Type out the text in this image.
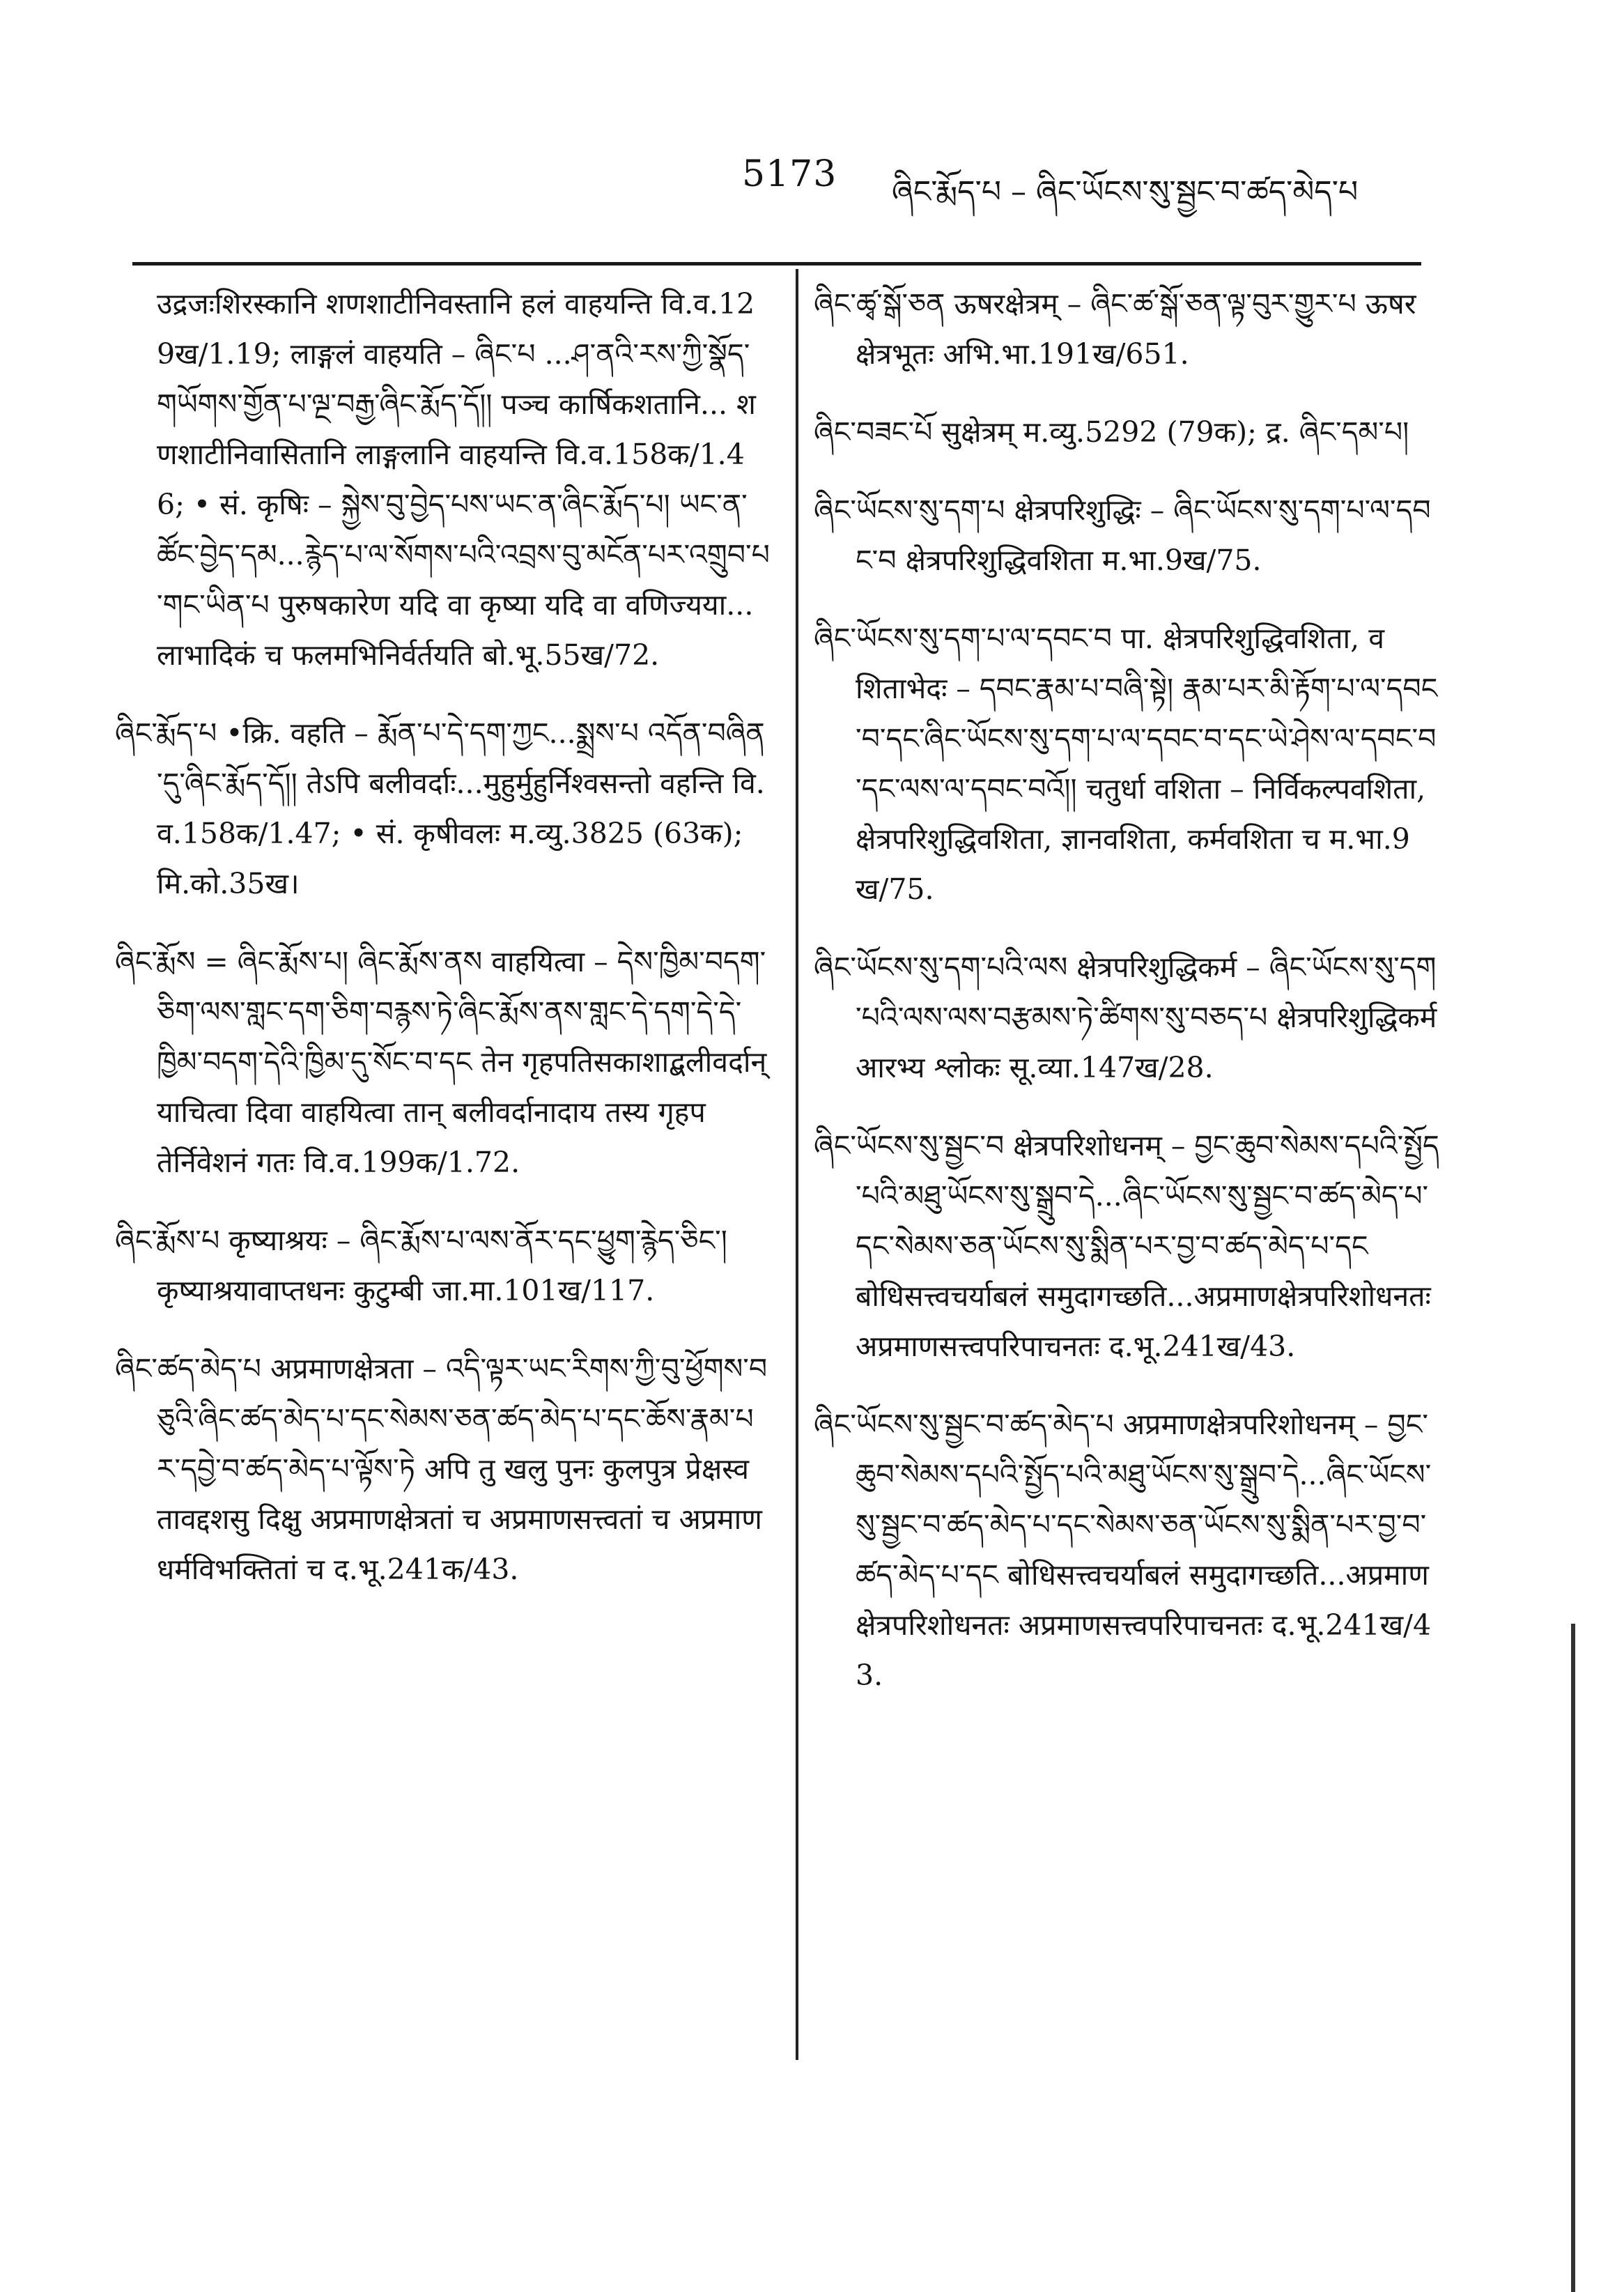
5173 ཞིང་རྨོད་པ – ཞིང་ཡོངས་སུ་སྦྱང་བ་ཚད་མེད་པ

उद्रजःशिरस्कानि शणशाटीनिवस्तानि हलं वाहयन्ति वि.व.129ख/1.19; लाङ्गलं वाहयति – ཞིང་པ ...ཤ་ནའི་རས་ཀྱི་སྣོད་གཡོགས་གྱོན་པ་ལྔ་བརྒྱ་ཞིང་རྨོད་དོ།། पञ्च कार्षिकशतानि... शणशाटीनिवासितानि लाङ्गलानि वाहयन्ति वि.व.158क/1.46; • सं. कृषिः – སྐྱེས་བུ་བྱེད་པས་ཡང་ན་ཞིང་རྨོད་པ། ཡང་ན་ཚོང་བྱེད་དམ...རྙེད་པ་ལ་སོགས་པའི་འབྲས་བུ་མངོན་པར་འགྲུབ་པ་གང་ཡིན་པ पुरुषकारेण यदि वा कृष्या यदि वा वणिज्यया...लाभादिकं च फलमभिनिर्वर्तयति बो.भू.55ख/72.

ཞིང་རྨོད་པ •क्रि. वहति – རྨོན་པ་དེ་དག་ཀྱང...སྨྲས་པ འདོན་བཞིན་དུ་ཞིང་རྨོད་དོ།། तेऽपि बलीवर्दाः...मुहुर्मुहुर्निश्वसन्तो वहन्ति वि.व.158क/1.47; • सं. कृषीवलः म.व्यु.3825 (63क); मि.को.35ख।

ཞིང་རྨོས = ཞིང་རྨོས་པ། ཞིང་རྨོས་ནས वाहयित्वा – དེས་ཁྱིམ་བདག་ཅིག་ལས་གླང་དག་ཅིག་བརྙས་ཏེ་ཞིང་རྨོས་ནས་གླང་དེ་དག་དེ་དེ་ཁྱིམ་བདག་དེའི་ཁྱིམ་དུ་སོང་བ་དང तेन गृहपतिसकाशाद्बलीवर्दान् याचित्वा दिवा वाहयित्वा तान् बलीवर्दानादाय तस्य गृहपतेर्निवेशनं गतः वि.व.199क/1.72.

ཞིང་རྨོས་པ कृष्याश्रयः – ཞིང་རྨོས་པ་ལས་ནོར་དང་ཕྱུག་རྙེད་ཅིང་། कृष्याश्रयावाप्तधनः कुटुम्बी जा.मा.101ख/117.

ཞིང་ཚད་མེད་པ अप्रमाणक्षेत्रता – འདི་ལྟར་ཡང་རིགས་ཀྱི་བུ་ཕྱོགས་བཅུའི་ཞིང་ཚད་མེད་པ་དང་སེམས་ཅན་ཚད་མེད་པ་དང་ཆོས་རྣམ་པར་དབྱེ་བ་ཚད་མེད་པ་ལྟོས་ཏེ अपि तु खलु पुनः कुलपुत्र प्रेक्षस्व तावद्दशसु दिक्षु अप्रमाणक्षेत्रतां च अप्रमाणसत्त्वतां च अप्रमाणधर्मविभक्तितां च द.भू.241क/43.

ཞིང་ཚྭ་སྒོ་ཅན ऊषरक्षेत्रम् – ཞིང་ཚ་སྒོ་ཅན་ལྟ་བུར་གྱུར་པ ऊषरक्षेत्रभूतः अभि.भा.191ख/651.

ཞིང་བཟང་པོ सुक्षेत्रम् म.व्यु.5292 (79क); द्र. ཞིང་དམ་པ།

ཞིང་ཡོངས་སུ་དག་པ क्षेत्रपरिशुद्धिः – ཞིང་ཡོངས་སུ་དག་པ་ལ་དབང་བ क्षेत्रपरिशुद्धिवशिता म.भा.9ख/75.

ཞིང་ཡོངས་སུ་དག་པ་ལ་དབང་བ पा. क्षेत्रपरिशुद्धिवशिता, वशिताभेदः – དབང་རྣམ་པ་བཞི་སྟེ། རྣམ་པར་མི་རྟོག་པ་ལ་དབང་བ་དང་ཞིང་ཡོངས་སུ་དག་པ་ལ་དབང་བ་དང་ཡེ་ཤེས་ལ་དབང་བ་དང་ལས་ལ་དབང་བའོ།། चतुर्धा वशिता – निर्विकल्पवशिता, क्षेत्रपरिशुद्धिवशिता, ज्ञानवशिता, कर्मवशिता च म.भा.9ख/75.

ཞིང་ཡོངས་སུ་དག་པའི་ལས क्षेत्रपरिशुद्धिकर्म – ཞིང་ཡོངས་སུ་དག་པའི་ལས་ལས་བརྩམས་ཏེ་ཚིགས་སུ་བཅད་པ क्षेत्रपरिशुद्धिकर्म आरभ्य श्लोकः सू.व्या.147ख/28.

ཞིང་ཡོངས་སུ་སྦྱང་བ क्षेत्रपरिशोधनम् – བྱང་ཆུབ་སེམས་དཔའི་སྤྱོད་པའི་མཐུ་ཡོངས་སུ་སྒྲུབ་དེ...ཞིང་ཡོངས་སུ་སྦྱང་བ་ཚད་མེད་པ་དང་སེམས་ཅན་ཡོངས་སུ་སྨིན་པར་བྱ་བ་ཚད་མེད་པ་དང बोधिसत्त्वचर्याबलं समुदागच्छति...अप्रमाणक्षेत्रपरिशोधनतः अप्रमाणसत्त्वपरिपाचनतः द.भू.241ख/43.

ཞིང་ཡོངས་སུ་སྦྱང་བ་ཚད་མེད་པ अप्रमाणक्षेत्रपरिशोधनम् – བྱང་ཆུབ་སེམས་དཔའི་སྤྱོད་པའི་མཐུ་ཡོངས་སུ་སྒྲུབ་དེ...ཞིང་ཡོངས་སུ་སྦྱང་བ་ཚད་མེད་པ་དང་སེམས་ཅན་ཡོངས་སུ་སྨིན་པར་བྱ་བ་ཚད་མེད་པ་དང बोधिसत्त्वचर्याबलं समुदागच्छति...अप्रमाणक्षेत्रपरिशोधनतः अप्रमाणसत्त्वपरिपाचनतः द.भू.241ख/43.
